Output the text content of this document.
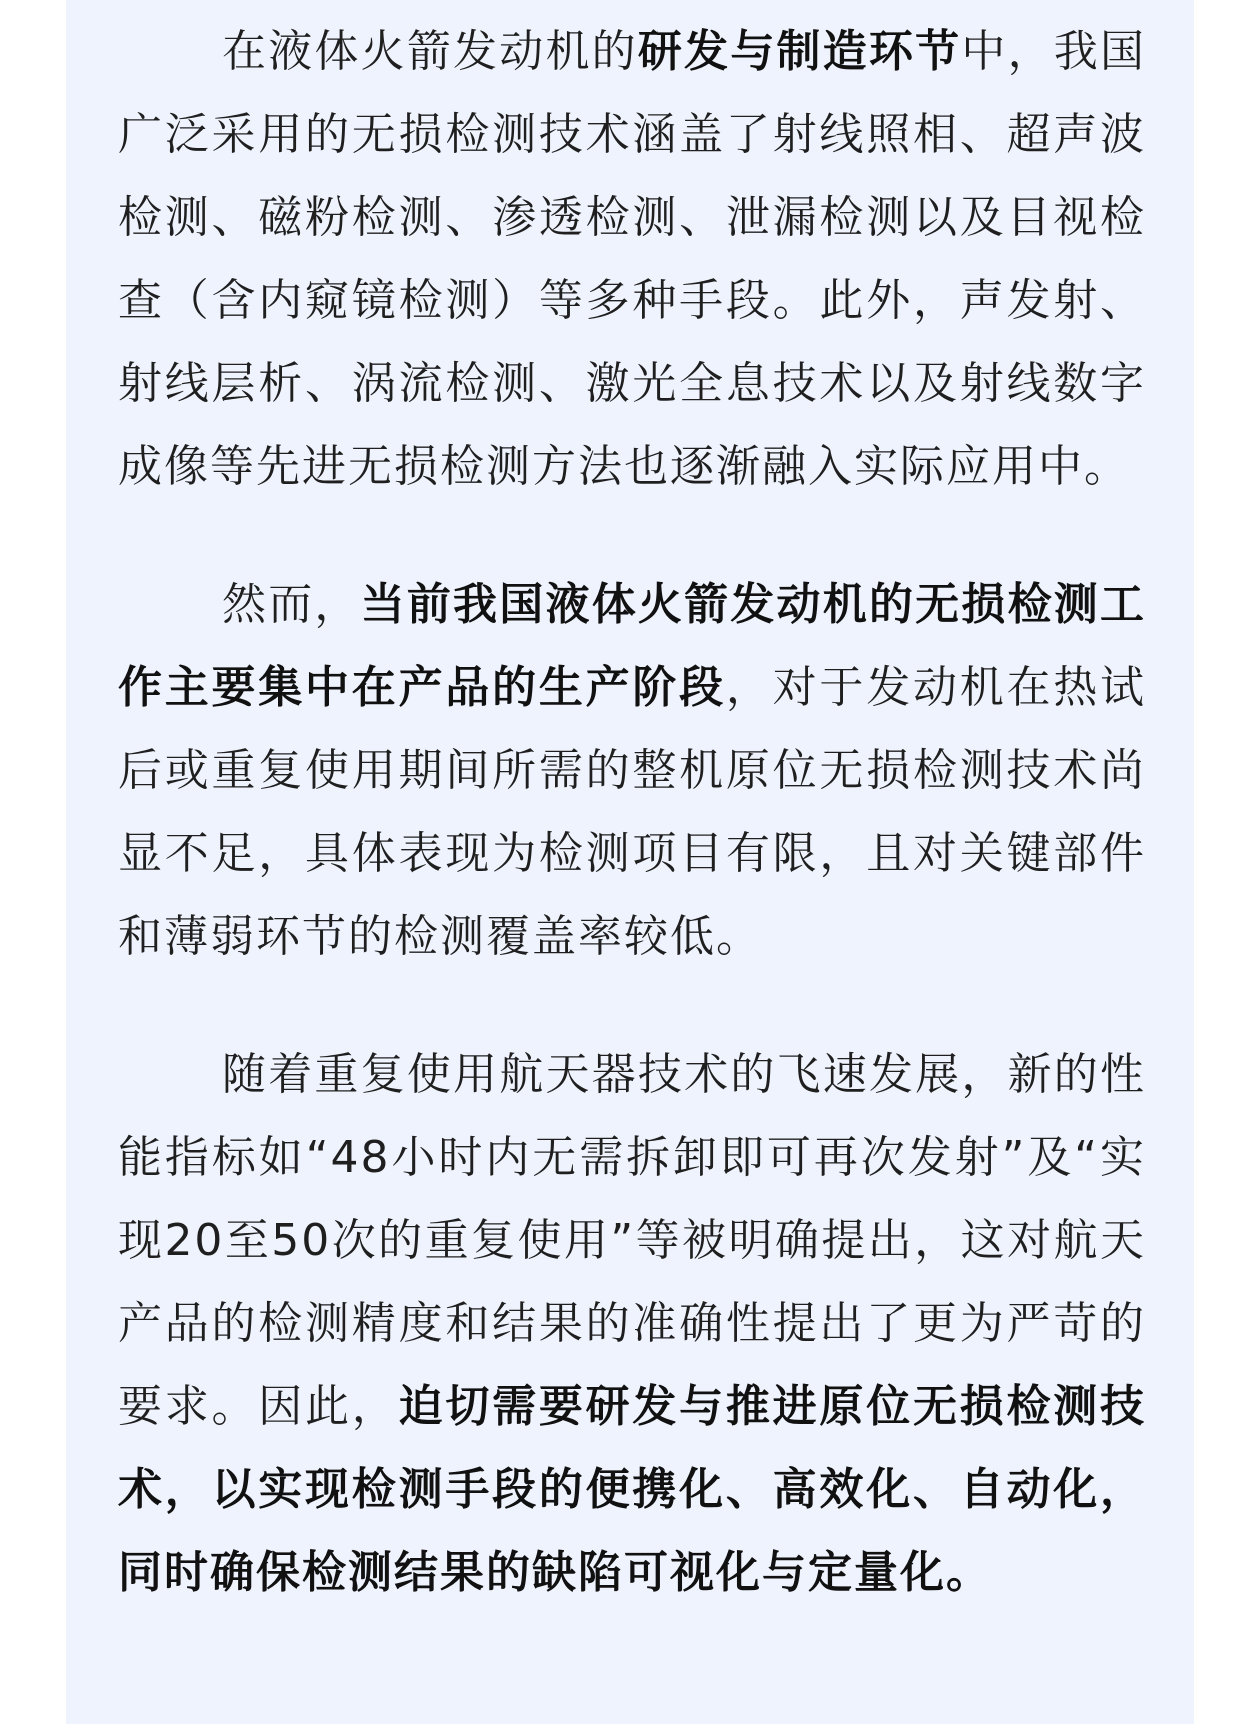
在液体火箭发动机的研发与制造环节中，我国广泛采用的无损检测技术涵盖了射线照相、超声波检测、磁粉检测、渗透检测、泄漏检测以及目视检查（含内窥镜检测）等多种手段。此外，声发射、射线层析、涡流检测、激光全息技术以及射线数字成像等先进无损检测方法也逐渐融入实际应用中。

然而，当前我国液体火箭发动机的无损检测工作主要集中在产品的生产阶段，对于发动机在热试后或重复使用期间所需的整机原位无损检测技术尚显不足，具体表现为检测项目有限，且对关键部件和薄弱环节的检测覆盖率较低。

随着重复使用航天器技术的飞速发展，新的性能指标如“48小时内无需拆卸即可再次发射”及“实现20至50次的重复使用”等被明确提出，这对航天产品的检测精度和结果的准确性提出了更为严苛的要求。因此，迫切需要研发与推进原位无损检测技术，以实现检测手段的便携化、高效化、自动化，同时确保检测结果的缺陷可视化与定量化。
